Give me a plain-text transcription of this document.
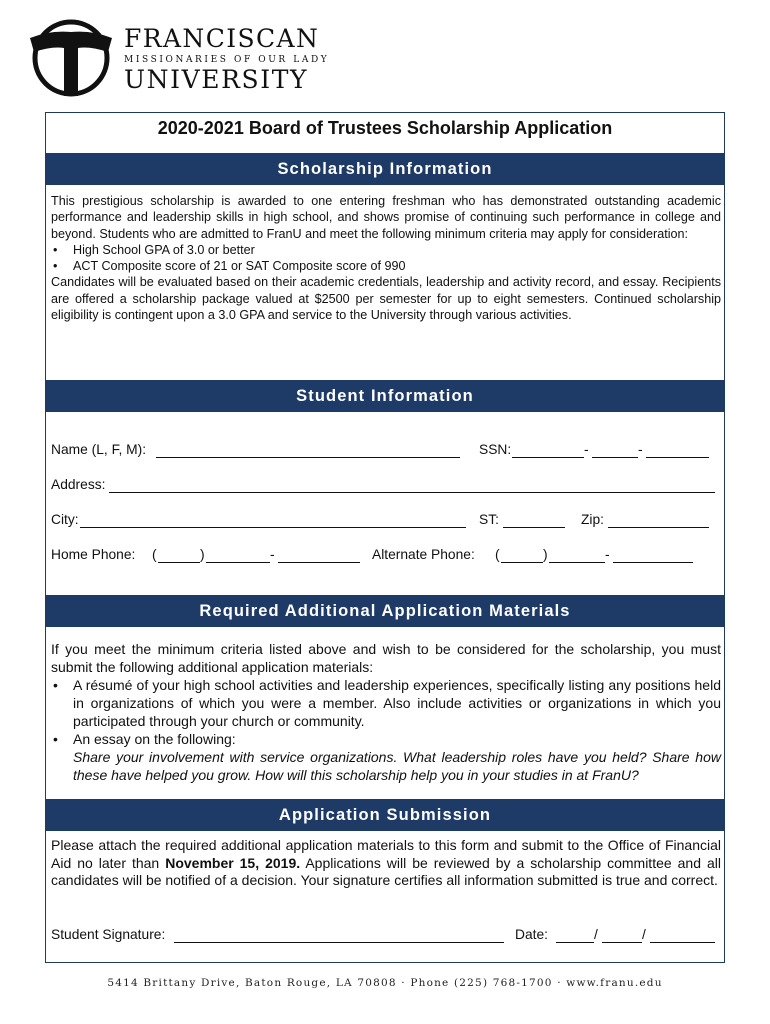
FRANCISCAN
MISSIONARIES OF OUR LADY
UNIVERSITY
2020-2021 Board of Trustees Scholarship Application
Scholarship Information
This prestigious scholarship is awarded to one entering freshman who has demonstrated outstanding academic performance and leadership skills in high school, and shows promise of continuing such performance in college and beyond. Students who are admitted to FranU and meet the following minimum criteria may apply for consideration:
•	High School GPA of 3.0 or better
•	ACT Composite score of 21 or SAT Composite score of 990
Candidates will be evaluated based on their academic credentials, leadership and activity record, and essay. Recipients are offered a scholarship package valued at $2500 per semester for up to eight semesters. Continued scholarship eligibility is contingent upon a 3.0 GPA and service to the University through various activities.
Student Information
Name (L, F, M):	SSN:	-	-
Address:
City:	ST:	Zip:
Home Phone: (	)	-	Alternate Phone: (	)	-
Required Additional Application Materials
If you meet the minimum criteria listed above and wish to be considered for the scholarship, you must submit the following additional application materials:
•	A résumé of your high school activities and leadership experiences, specifically listing any positions held in organizations of which you were a member. Also include activities or organizations in which you participated through your church or community.
•	An essay on the following:
Share your involvement with service organizations. What leadership roles have you held? Share how these have helped you grow. How will this scholarship help you in your studies in at FranU?
Application Submission
Please attach the required additional application materials to this form and submit to the Office of Financial Aid no later than November 15, 2019. Applications will be reviewed by a scholarship committee and all candidates will be notified of a decision. Your signature certifies all information submitted is true and correct.
Student Signature:	Date:	/	/
5414 Brittany Drive, Baton Rouge, LA 70808 · Phone (225) 768-1700 · www.franu.edu
